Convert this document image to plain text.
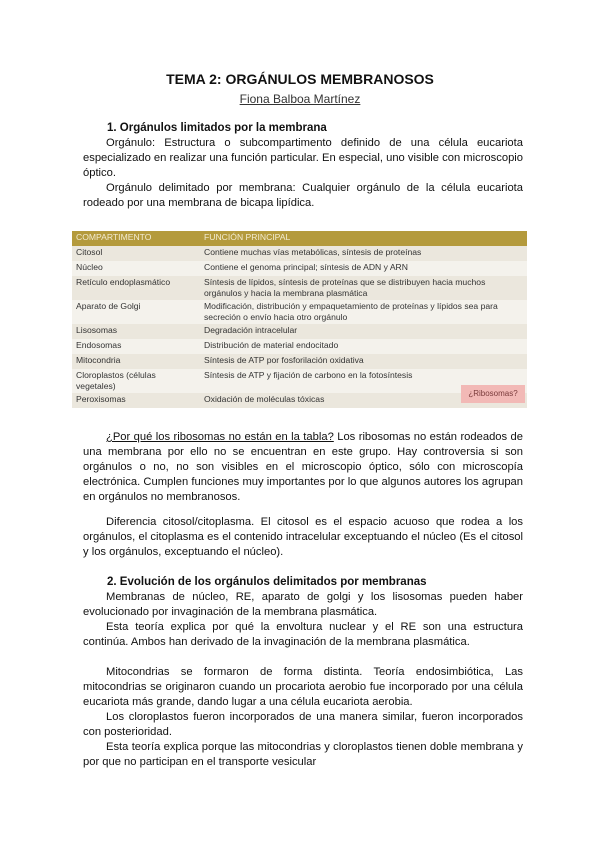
TEMA 2: ORGÁNULOS MEMBRANOSOS
Fiona Balboa Martínez
1. Orgánulos limitados por la membrana

Orgánulo: Estructura o subcompartimento definido de una célula eucariota especializado en realizar una función particular. En especial, uno visible con microscopio óptico.

Orgánulo delimitado por membrana: Cualquier orgánulo de la célula eucariota rodeado por una membrana de bicapa lipídica.

COMPARTIMENTO	FUNCIÓN PRINCIPAL
Citosol	Contiene muchas vías metabólicas, síntesis de proteínas
Núcleo	Contiene el genoma principal; síntesis de ADN y ARN
Retículo endoplasmático	Síntesis de lípidos, síntesis de proteínas que se distribuyen hacia muchos orgánulos y hacia la membrana plasmática
Aparato de Golgi	Modificación, distribución y empaquetamiento de proteínas y lípidos sea para secreción o envío hacia otro orgánulo
Lisosomas	Degradación intracelular
Endosomas	Distribución de material endocitado
Mitocondria	Síntesis de ATP por fosforilación oxidativa
Cloroplastos (células vegetales)	Síntesis de ATP y fijación de carbono en la fotosíntesis
Peroxisomas	Oxidación de moléculas tóxicas
¿Ribosomas?

¿Por qué los ribosomas no están en la tabla? Los ribosomas no están rodeados de una membrana por ello no se encuentran en este grupo. Hay controversia si son orgánulos o no, no son visibles en el microscopio óptico, sólo con microscopía electrónica. Cumplen funciones muy importantes por lo que algunos autores los agrupan en orgánulos no membranosos.

Diferencia citosol/citoplasma. El citosol es el espacio acuoso que rodea a los orgánulos, el citoplasma es el contenido intracelular exceptuando el núcleo (Es el citosol y los orgánulos, exceptuando el núcleo).

2. Evolución de los orgánulos delimitados por membranas

Membranas de núcleo, RE, aparato de golgi y los lisosomas pueden haber evolucionado por invaginación de la membrana plasmática.

Esta teoría explica por qué la envoltura nuclear y el RE son una estructura continúa. Ambos han derivado de la invaginación de la membrana plasmática.

Mitocondrias se formaron de forma distinta. Teoría endosimbiótica, Las mitocondrias se originaron cuando un procariota aerobio fue incorporado por una célula eucariota más grande, dando lugar a una célula eucariota aerobia.

Los cloroplastos fueron incorporados de una manera similar, fueron incorporados con posterioridad.

Esta teoría explica porque las mitocondrias y cloroplastos tienen doble membrana y por que no participan en el transporte vesicular
